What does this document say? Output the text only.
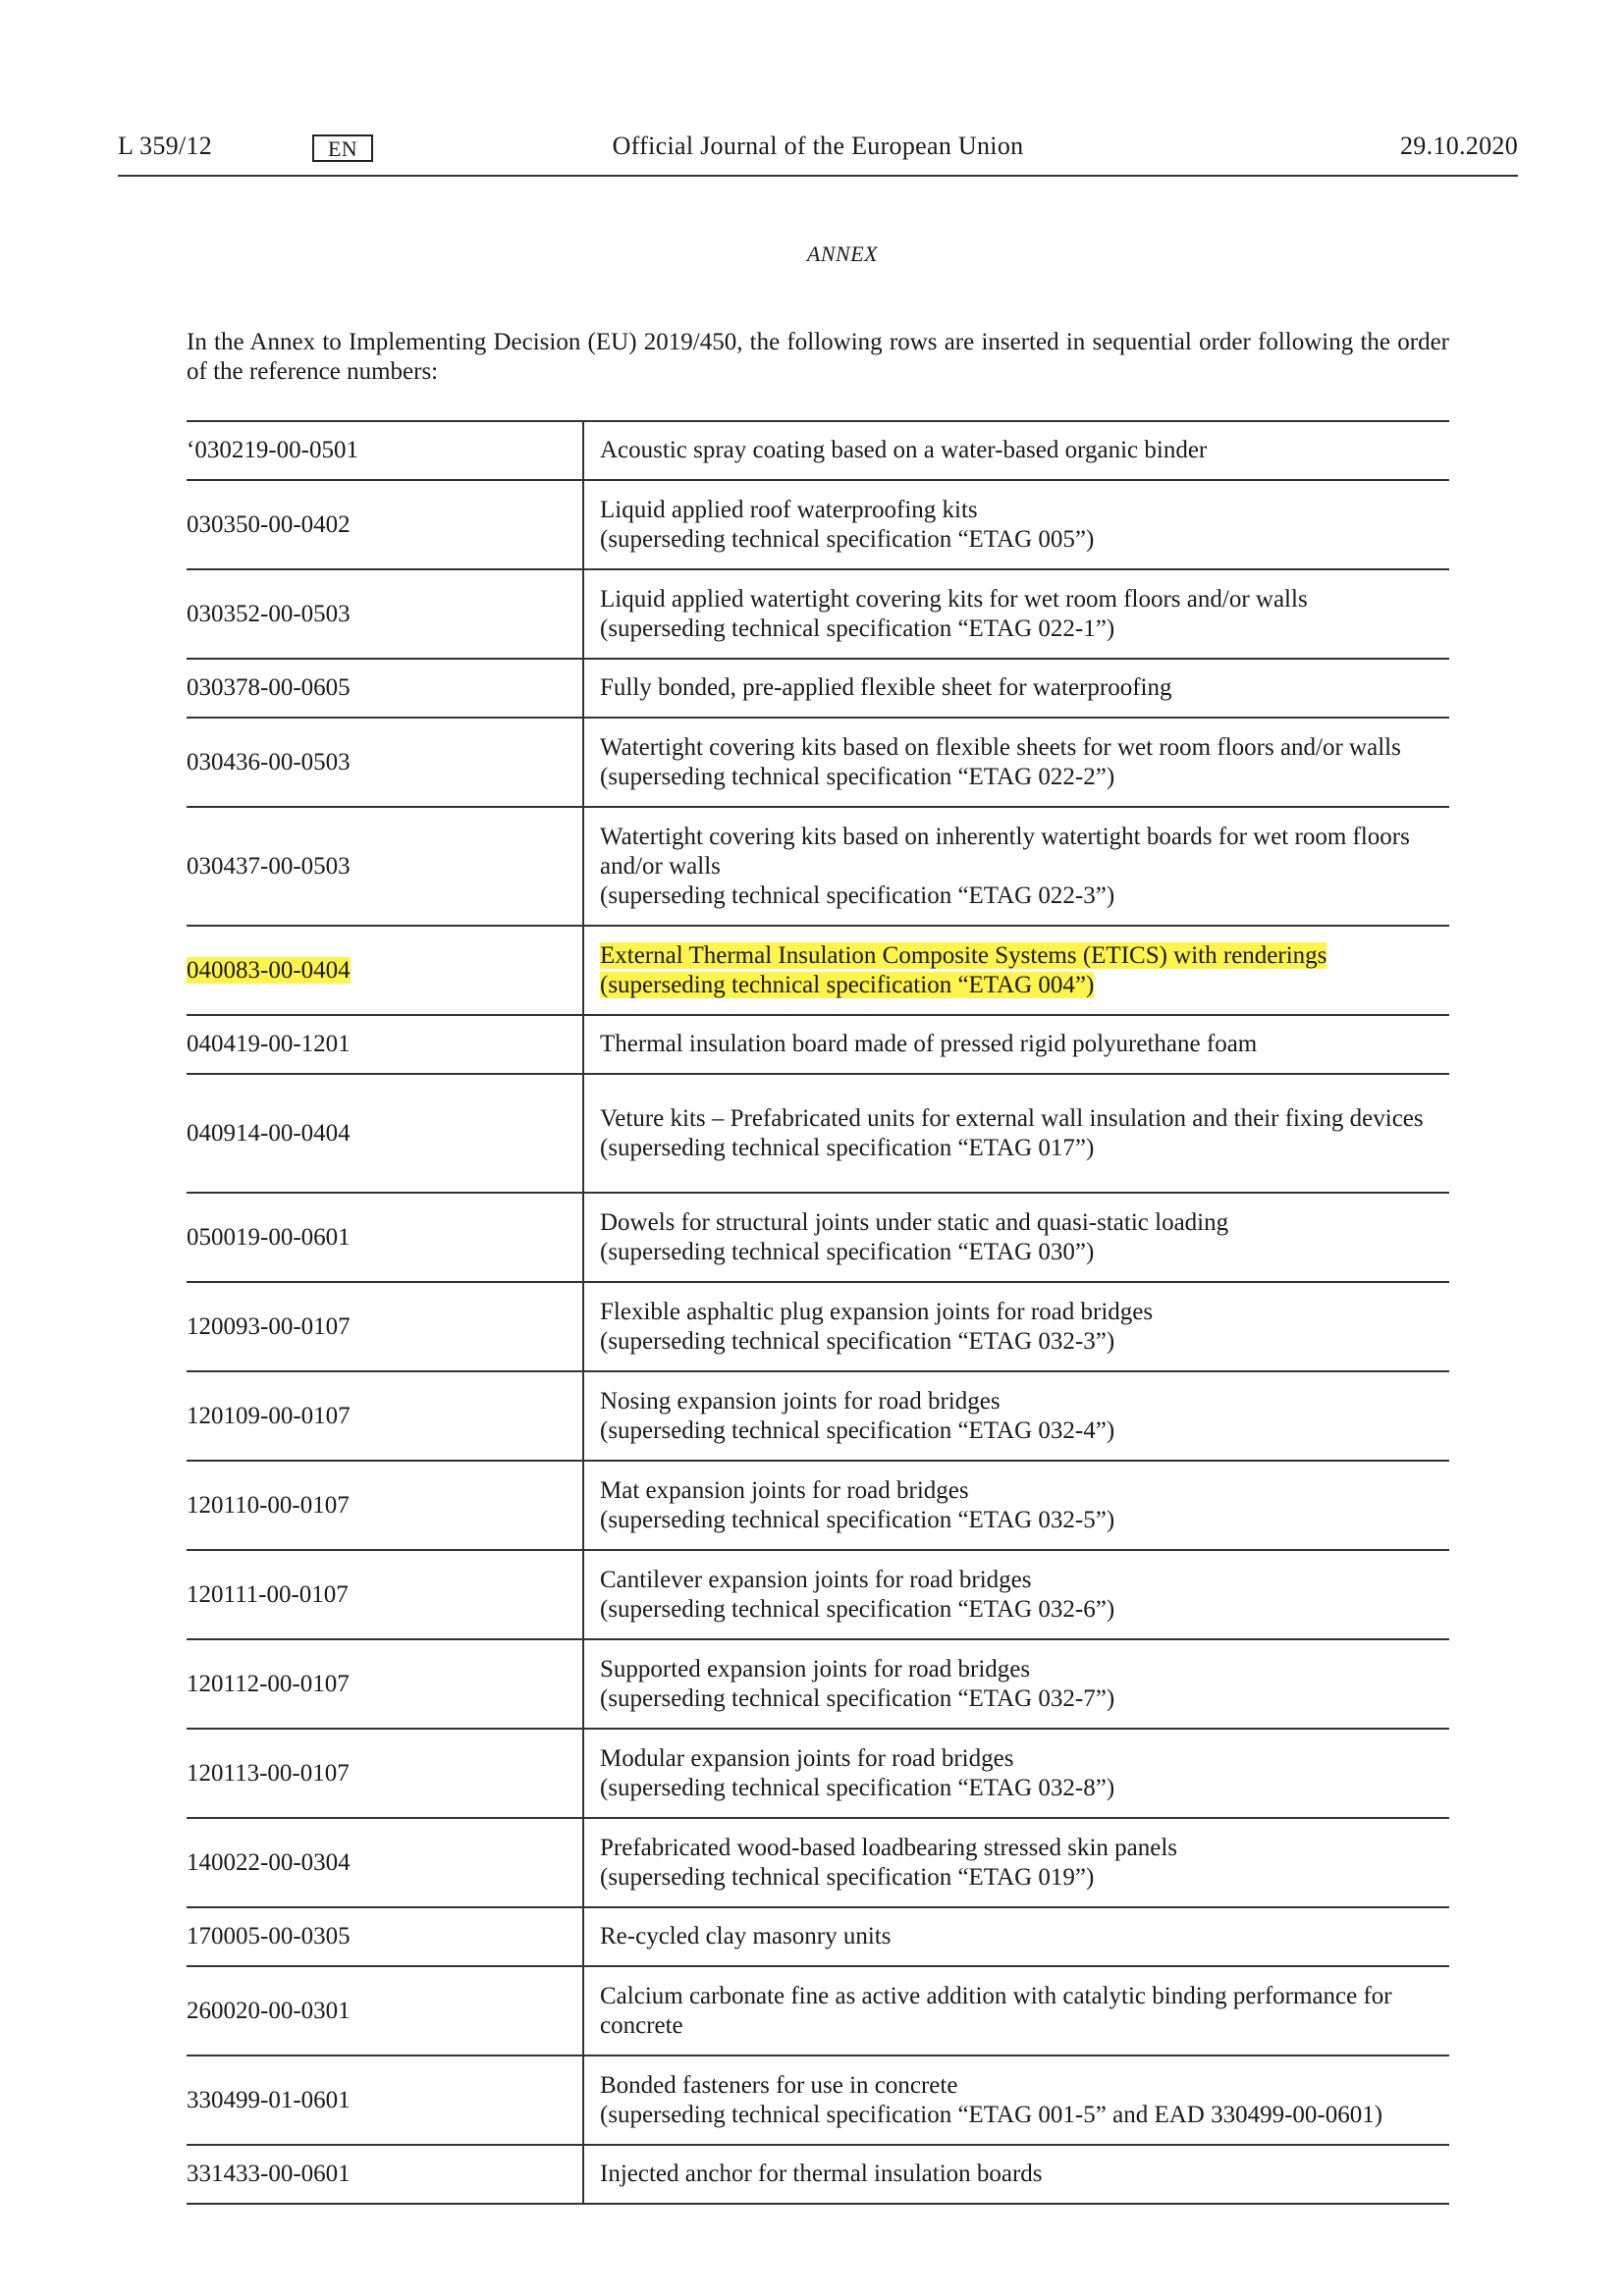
L 359/12	EN	Official Journal of the European Union	29.10.2020
ANNEX
In the Annex to Implementing Decision (EU) 2019/450, the following rows are inserted in sequential order following the order of the reference numbers:
‘030219-00-0501	Acoustic spray coating based on a water-based organic binder

030350-00-0402	Liquid applied roof waterproofing kits
(superseding technical specification “ETAG 005”)

030352-00-0503	Liquid applied watertight covering kits for wet room floors and/or walls
(superseding technical specification “ETAG 022-1”)

030378-00-0605	Fully bonded, pre-applied flexible sheet for waterproofing

030436-00-0503	Watertight covering kits based on flexible sheets for wet room floors and/or walls
(superseding technical specification “ETAG 022-2”)

030437-00-0503	Watertight covering kits based on inherently watertight boards for wet room floors and/or walls
(superseding technical specification “ETAG 022-3”)

040083-00-0404	External Thermal Insulation Composite Systems (ETICS) with renderings
(superseding technical specification “ETAG 004”)

040419-00-1201	Thermal insulation board made of pressed rigid polyurethane foam

040914-00-0404	Veture kits – Prefabricated units for external wall insulation and their fixing devices
(superseding technical specification “ETAG 017”)

050019-00-0601	Dowels for structural joints under static and quasi-static loading
(superseding technical specification “ETAG 030”)

120093-00-0107	Flexible asphaltic plug expansion joints for road bridges
(superseding technical specification “ETAG 032-3”)

120109-00-0107	Nosing expansion joints for road bridges
(superseding technical specification “ETAG 032-4”)

120110-00-0107	Mat expansion joints for road bridges
(superseding technical specification “ETAG 032-5”)

120111-00-0107	Cantilever expansion joints for road bridges
(superseding technical specification “ETAG 032-6”)

120112-00-0107	Supported expansion joints for road bridges
(superseding technical specification “ETAG 032-7”)

120113-00-0107	Modular expansion joints for road bridges
(superseding technical specification “ETAG 032-8”)

140022-00-0304	Prefabricated wood-based loadbearing stressed skin panels
(superseding technical specification “ETAG 019”)

170005-00-0305	Re-cycled clay masonry units

260020-00-0301	Calcium carbonate fine as active addition with catalytic binding performance for concrete

330499-01-0601	Bonded fasteners for use in concrete
(superseding technical specification “ETAG 001-5” and EAD 330499-00-0601)

331433-00-0601	Injected anchor for thermal insulation boards
